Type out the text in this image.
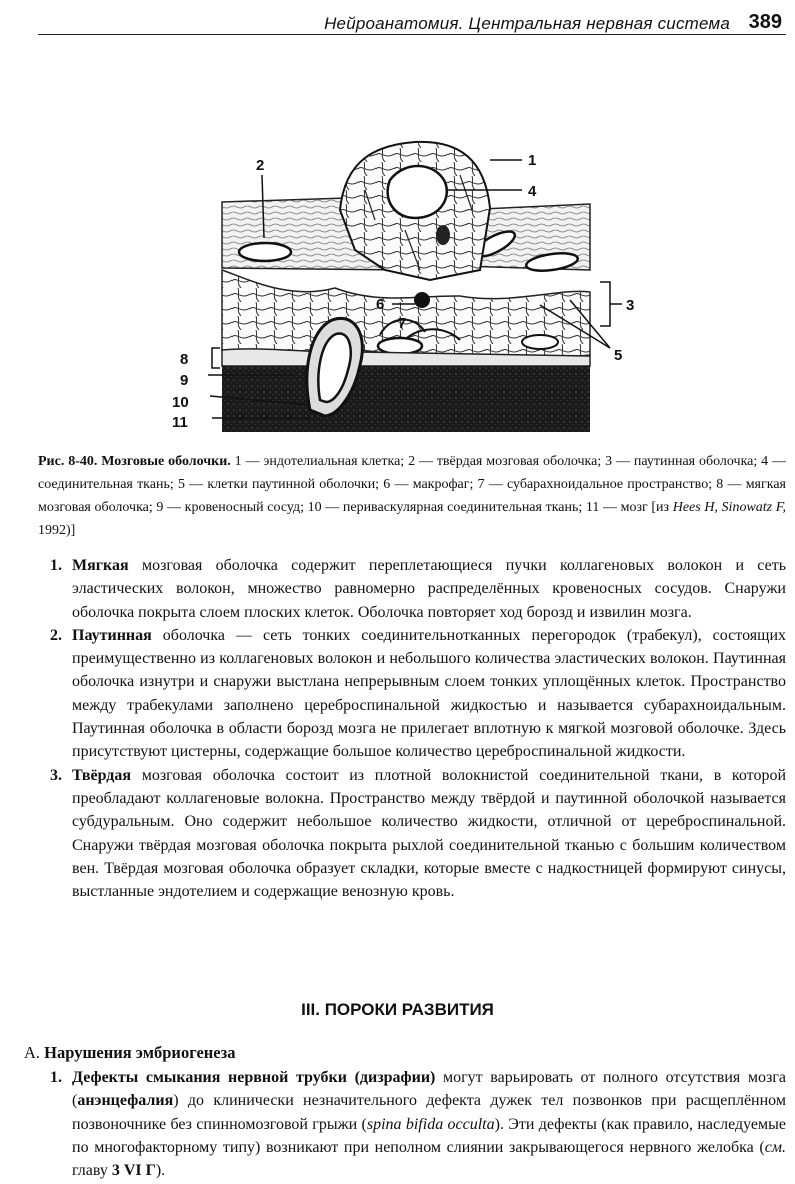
Нейроанатомия. Центральная нервная система 389
1
2
3
4
5
6
7
8
9
10
11
Рис. 8-40. Мозговые оболочки. 1 — эндотелиальная клетка; 2 — твёрдая мозговая оболочка; 3 — паутинная оболочка; 4 — соединительная ткань; 5 — клетки паутинной оболочки; 6 — макрофаг; 7 — субарахноидальное пространство; 8 — мягкая мозговая оболочка; 9 — кровеносный сосуд; 10 — периваскулярная соединительная ткань; 11 — мозг [из Hees H, Sinowatz F, 1992)]
1. Мягкая мозговая оболочка содержит переплетающиеся пучки коллагеновых волокон и сеть эластических волокон, множество равномерно распределённых кровеносных сосудов. Снаружи оболочка покрыта слоем плоских клеток. Оболочка повторяет ход борозд и извилин мозга.
2. Паутинная оболочка — сеть тонких соединительнотканных перегородок (трабекул), состоящих преимущественно из коллагеновых волокон и небольшого количества эластических волокон. Паутинная оболочка изнутри и снаружи выстлана непрерывным слоем тонких уплощённых клеток. Пространство между трабекулами заполнено цереброспинальной жидкостью и называется субарахноидальным. Паутинная оболочка в области борозд мозга не прилегает вплотную к мягкой мозговой оболочке. Здесь присутствуют цистерны, содержащие большое количество цереброспинальной жидкости.
3. Твёрдая мозговая оболочка состоит из плотной волокнистой соединительной ткани, в которой преобладают коллагеновые волокна. Пространство между твёрдой и паутинной оболочкой называется субдуральным. Оно содержит небольшое количество жидкости, отличной от цереброспинальной. Снаружи твёрдая мозговая оболочка покрыта рыхлой соединительной тканью с большим количеством вен. Твёрдая мозговая оболочка образует складки, которые вместе с надкостницей формируют синусы, выстланные эндотелием и содержащие венозную кровь.
III. ПОРОКИ РАЗВИТИЯ
А. Нарушения эмбриогенеза
1. Дефекты смыкания нервной трубки (дизрафии) могут варьировать от полного отсутствия мозга (анэнцефалия) до клинически незначительного дефекта дужек тел позвонков при расщеплённом позвоночнике без спинномозговой грыжи (spina bifida occulta). Эти дефекты (как правило, наследуемые по многофакторному типу) возникают при неполном слиянии закрывающегося нервного желобка (см. главу 3 VI Г).
